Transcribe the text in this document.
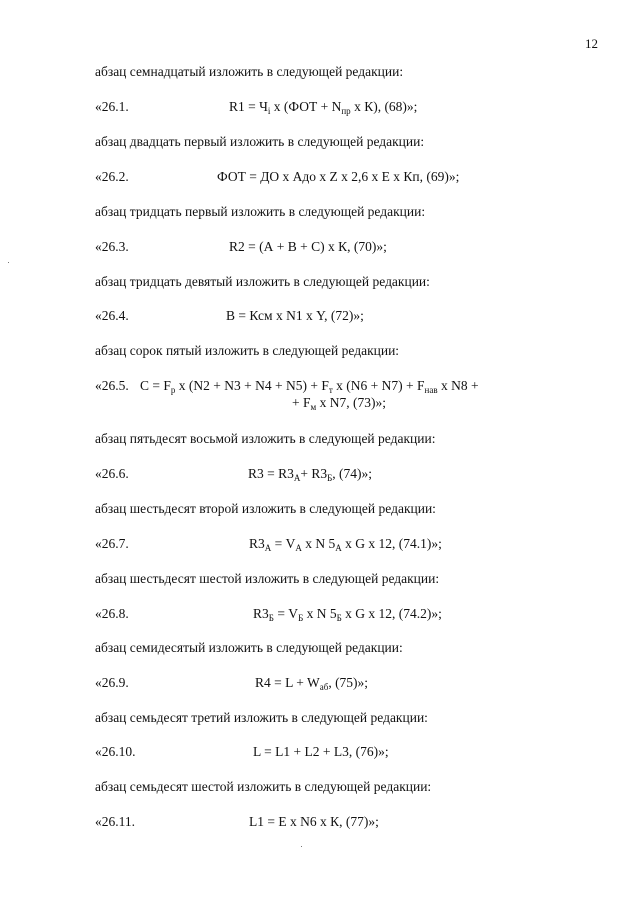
12
абзац семнадцатый изложить в следующей редакции:
«26.1.	$R1 = Ч_i$ х ($ФОТ + N_{пр}$ х К), (68)»;
абзац двадцать первый изложить в следующей редакции:
«26.2.	ФОТ = ДО х Адо х Z х 2,6 х Е х Кп, (69)»;
абзац тридцать первый изложить в следующей редакции:
«26.3.	R2 = (А + В + С) х К, (70)»;
абзац тридцать девятый изложить в следующей редакции:
«26.4.	В = Ксм х N1 х Y, (72)»;
абзац сорок пятый изложить в следующей редакции:
«26.5. $С = F_р$ х $(N2 + N3 + N4 + N5) + F_т$ х $(N6 + N7) + F_{нав}$ х N8 +
+ $F_м$ х N7, (73)»;
абзац пятьдесят восьмой изложить в следующей редакции:
«26.6.	$R3 = R3_А+ R3_Б$, (74)»;
абзац шестьдесят второй изложить в следующей редакции:
«26.7.	$R3_А = V_А$ х N $5_А$ х G х 12, (74.1)»;
абзац шестьдесят шестой изложить в следующей редакции:
«26.8.	$R3_Б = V_Б$ х N $5_Б$ х G х 12, (74.2)»;
абзац семидесятый изложить в следующей редакции:
«26.9.	$R4 = L + W_{аб}$, (75)»;
абзац семьдесят третий изложить в следующей редакции:
«26.10.	L = L1 + L2 + L3, (76)»;
абзац семьдесят шестой изложить в следующей редакции:
«26.11.	L1 = Е х N6 х К, (77)»;
